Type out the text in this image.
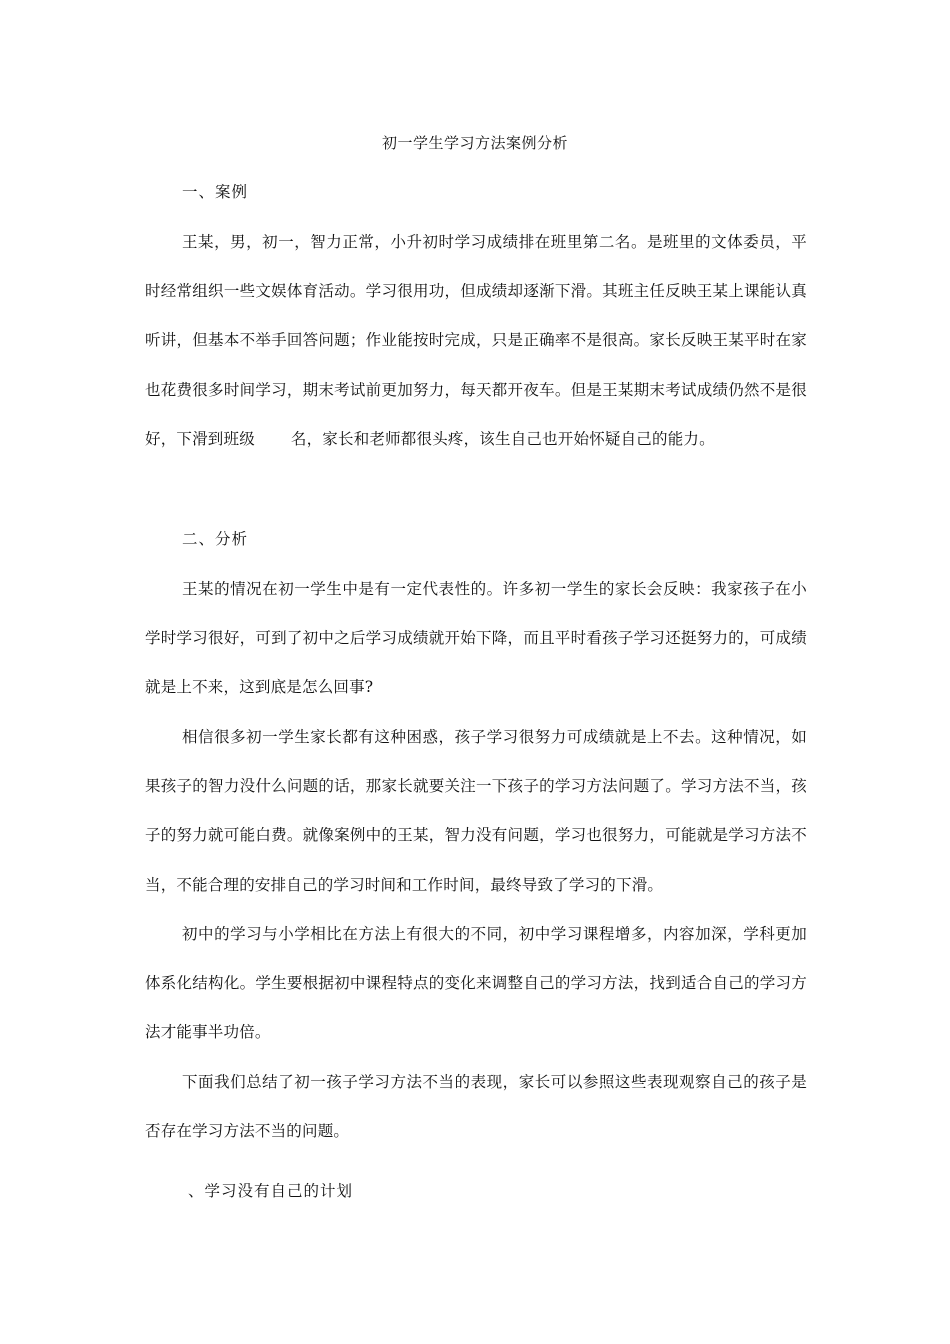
初一学生学习方法案例分析
一、案例
王某，男，初一，智力正常，小升初时学习成绩排在班里第二名。是班里的文体委员，平时经常组织一些文娱体育活动。学习很用功，但成绩却逐渐下滑。其班主任反映王某上课能认真听讲，但基本不举手回答问题；作业能按时完成，只是正确率不是很高。家长反映王某平时在家也花费很多时间学习，期末考试前更加努力，每天都开夜车。但是王某期末考试成绩仍然不是很好，下滑到班级 名，家长和老师都很头疼，该生自己也开始怀疑自己的能力。
二、分析
王某的情况在初一学生中是有一定代表性的。许多初一学生的家长会反映：我家孩子在小学时学习很好，可到了初中之后学习成绩就开始下降，而且平时看孩子学习还挺努力的，可成绩就是上不来，这到底是怎么回事?
相信很多初一学生家长都有这种困惑，孩子学习很努力可成绩就是上不去。这种情况，如果孩子的智力没什么问题的话，那家长就要关注一下孩子的学习方法问题了。学习方法不当，孩子的努力就可能白费。就像案例中的王某，智力没有问题，学习也很努力，可能就是学习方法不当，不能合理的安排自己的学习时间和工作时间，最终导致了学习的下滑。
初中的学习与小学相比在方法上有很大的不同，初中学习课程增多，内容加深，学科更加体系化结构化。学生要根据初中课程特点的变化来调整自己的学习方法，找到适合自己的学习方法才能事半功倍。
下面我们总结了初一孩子学习方法不当的表现，家长可以参照这些表现观察自己的孩子是否存在学习方法不当的问题。
、学习没有自己的计划
